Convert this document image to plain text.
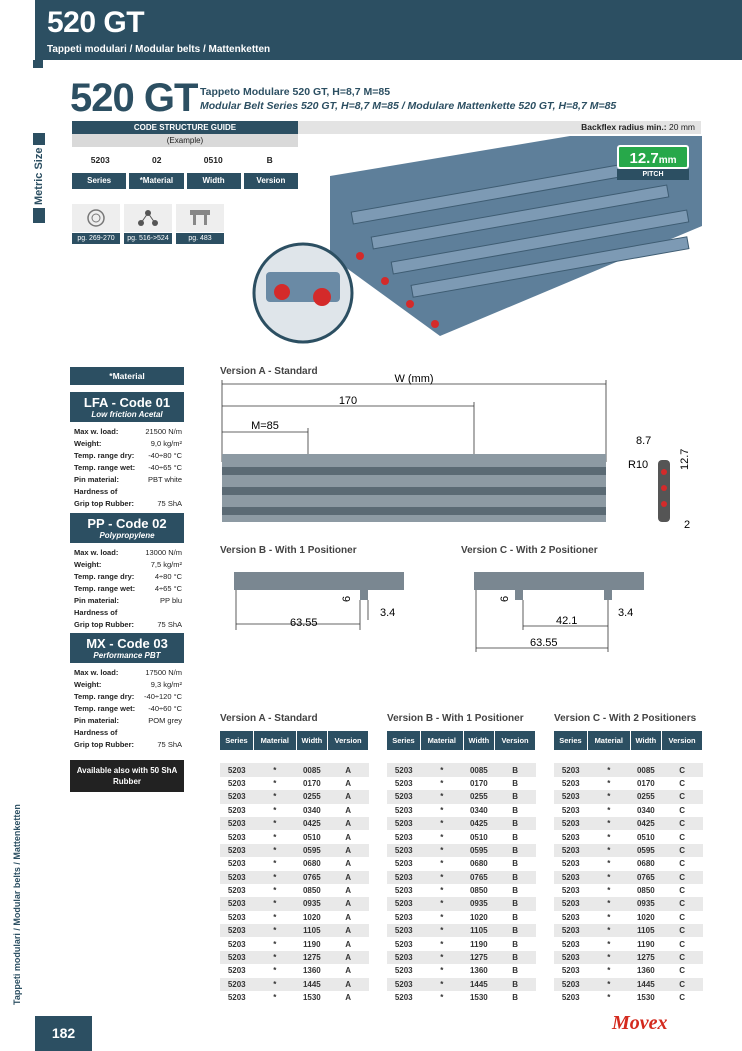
520 GT
Tappeti modulari / Modular belts / Mattenketten
Metric Size
Tappeti modulari / Modular belts / Mattenketten
520 GT Tappeto Modulare 520 GT, H=8,7 M=85
Modular Belt Series 520 GT, H=8,7 M=85 / Modulare Mattenkette 520 GT, H=8,7 M=85
CODE STRUCTURE GUIDE
(Example)
5203	02	0510	B
Series	*Material	Width	Version
Backflex radius min.: 20 mm
pg. 269-270	pg. 516->524	pg. 483
12.7mm
PITCH
*Material
LFA - Code 01
Low friction Acetal
Max w. load:	21500 N/m
Weight:	9,0 kg/m²
Temp. range dry:	-40÷80 °C
Temp. range wet:	-40÷65 °C
Pin material:	PBT white
Hardness of	
Grip top Rubber:	75 ShA
PP - Code 02
Polypropylene
Max w. load:	13000 N/m
Weight:	7,5 kg/m²
Temp. range dry:	4÷80 °C
Temp. range wet:	4÷65 °C
Pin material:	PP blu
Hardness of	
Grip top Rubber:	75 ShA
MX - Code 03
Performance PBT
Max w. load:	17500 N/m
Weight:	9,3 kg/m²
Temp. range dry:	-40÷120 °C
Temp. range wet:	-40÷60 °C
Pin material:	POM grey
Hardness of	
Grip top Rubber:	75 ShA
Available also with 50 ShA Rubber
Version A - Standard
W (mm)
170
M=85
8.7
R10	12.7
2
Version B - With 1 Positioner
63.55
3.4
6
Version C - With 2 Positioner
42.1
63.55
3.4
6
Version A - Standard	Version B - With 1 Positioner	Version C - With 2 Positioners
Series	Material	Width	Version

5203	*	0085	A
5203	*	0170	A
5203	*	0255	A
5203	*	0340	A
5203	*	0425	A
5203	*	0510	A
5203	*	0595	A
5203	*	0680	A
5203	*	0765	A
5203	*	0850	A
5203	*	0935	A
5203	*	1020	A
5203	*	1105	A
5203	*	1190	A
5203	*	1275	A
5203	*	1360	A
5203	*	1445	A
5203	*	1530	A
Series	Material	Width	Version

5203	*	0085	B
5203	*	0170	B
5203	*	0255	B
5203	*	0340	B
5203	*	0425	B
5203	*	0510	B
5203	*	0595	B
5203	*	0680	B
5203	*	0765	B
5203	*	0850	B
5203	*	0935	B
5203	*	1020	B
5203	*	1105	B
5203	*	1190	B
5203	*	1275	B
5203	*	1360	B
5203	*	1445	B
5203	*	1530	B
Series	Material	Width	Version

5203	*	0085	C
5203	*	0170	C
5203	*	0255	C
5203	*	0340	C
5203	*	0425	C
5203	*	0510	C
5203	*	0595	C
5203	*	0680	C
5203	*	0765	C
5203	*	0850	C
5203	*	0935	C
5203	*	1020	C
5203	*	1105	C
5203	*	1190	C
5203	*	1275	C
5203	*	1360	C
5203	*	1445	C
5203	*	1530	C
182	Movex
